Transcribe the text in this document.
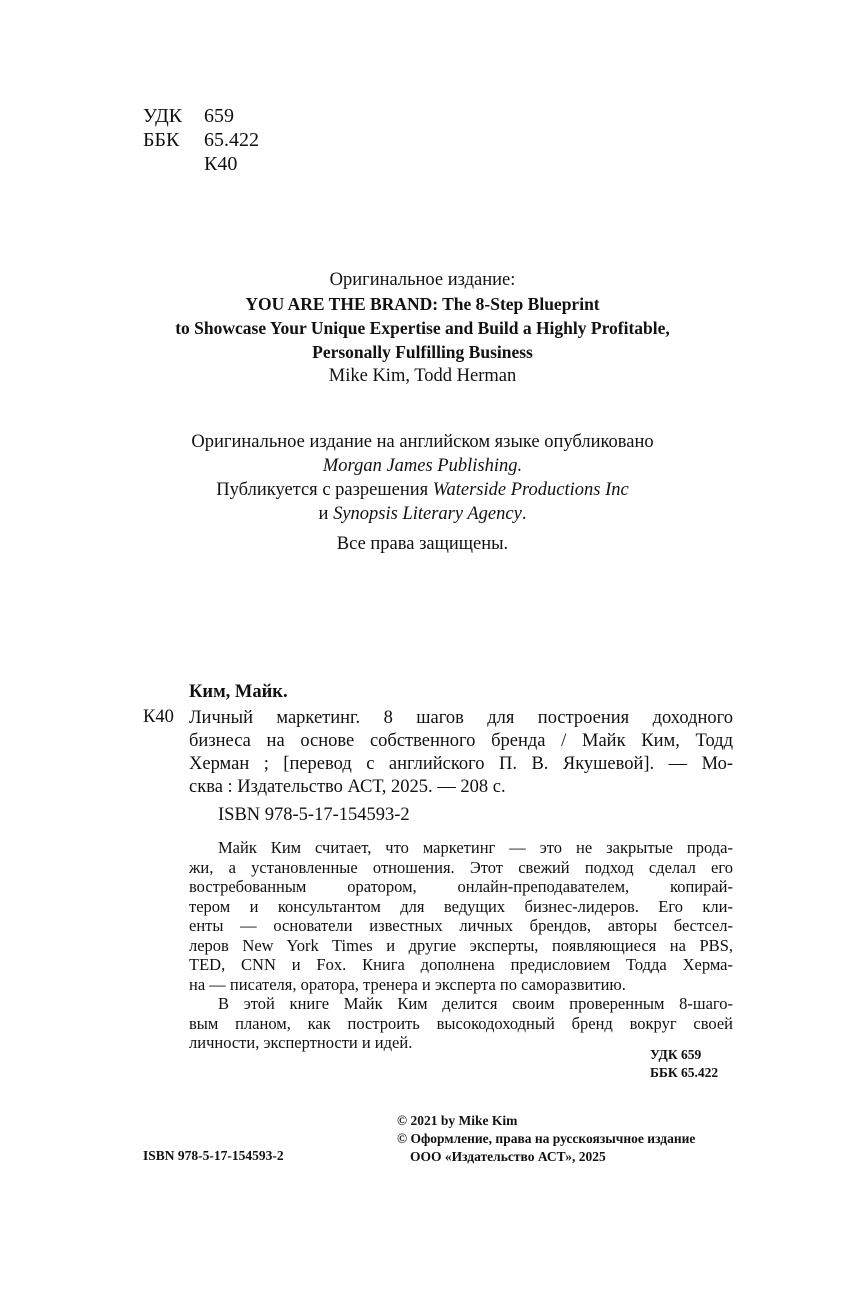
УДК 659
ББК 65.422
К40
Оригинальное издание:
YOU ARE THE BRAND: The 8-Step Blueprint
to Showcase Your Unique Expertise and Build a Highly Profitable,
Personally Fulfilling Business
Mike Kim, Todd Herman
Оригинальное издание на английском языке опубликовано
Morgan James Publishing.
Публикуется с разрешения Waterside Productions Inc
и Synopsis Literary Agency.
Все права защищены.
Ким, Майк.
К40 Личный маркетинг. 8 шагов для построения доходного
бизнеса на основе собственного бренда / Майк Ким, Тодд
Херман ; [перевод с английского П. В. Якушевой]. — Мо-
сква : Издательство АСТ, 2025. — 208 с.
ISBN 978-5-17-154593-2
Майк Ким считает, что маркетинг — это не закрытые прода-
жи, а установленные отношения. Этот свежий подход сделал его
востребованным оратором, онлайн-преподавателем, копирай-
тером и консультантом для ведущих бизнес-лидеров. Его кли-
енты — основатели известных личных брендов, авторы бестсел-
леров New York Times и другие эксперты, появляющиеся на PBS,
TED, CNN и Fox. Книга дополнена предисловием Тодда Херма-
на — писателя, оратора, тренера и эксперта по саморазвитию.
В этой книге Майк Ким делится своим проверенным 8-шаго-
вым планом, как построить высокодоходный бренд вокруг своей
личности, экспертности и идей.
УДК 659
ББК 65.422
© 2021 by Mike Kim
© Оформление, права на русскоязычное издание
ООО «Издательство АСТ», 2025
ISBN 978-5-17-154593-2
